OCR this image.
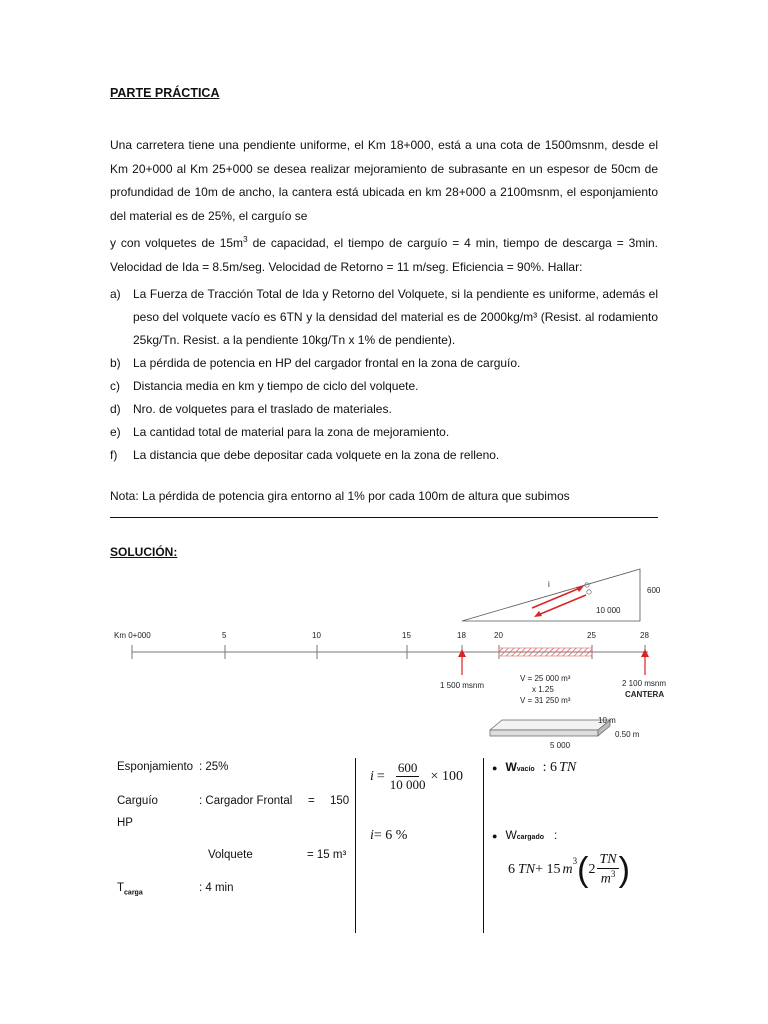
PARTE PRÁCTICA

Una carretera tiene una pendiente uniforme, el Km 18+000, está a una cota de 1500msnm, desde el Km 20+000 al Km 25+000 se desea realizar mejoramiento de subrasante en un espesor de 50cm de profundidad de 10m de ancho, la cantera está ubicada en km 28+000 a 2100msnm, el esponjamiento del material es de 25%, el carguío se

y con volquetes de $15m^3$ de capacidad, el tiempo de carguío = 4 min, tiempo de descarga = 3min. Velocidad de Ida = 8.5m/seg. Velocidad de Retorno = 11 m/seg. Eficiencia = 90%. Hallar:

a)	La Fuerza de Tracción Total de Ida y Retorno del Volquete, si la pendiente es uniforme, además el peso del volquete vacío es 6TN y la densidad del material es de 2000kg/m³ (Resist. al rodamiento 25kg/Tn. Resist. a la pendiente 10kg/Tn x 1% de pendiente).
b)	La pérdida de potencia en HP del cargador frontal en la zona de carguío.
c)	Distancia media en km y tiempo de ciclo del volquete.
d)	Nro. de volquetes para el traslado de materiales.
e)	La cantidad total de material para la zona de mejoramiento.
f)	La distancia que debe depositar cada volquete en la zona de relleno.
Nota: La pérdida de potencia gira entorno al 1% por cada 100m de altura que subimos
SOLUCIÓN:
i
600
10 000
Km 0+000	5	10	15	18	20	25	28
1 500 msnm	2 100 msnm
CANTERA
V = 25 000 m³
x 1.25
V = 31 250 m³
10 m
0.50 m
5 000
Esponjamiento : 25%
Carguío	: Cargador Frontal = 150
HP
Volquete	= 15 m³
$T_{carga}$	: 4 min
$i = \frac{600}{10 000} \times 100$
i= 6 %
● $W_{vacío}$ : 6 TN
● $W_{cargado}$ :
6 TN + 15 m
$^3$ ( $2 \frac{TN}{m^3}$ )
